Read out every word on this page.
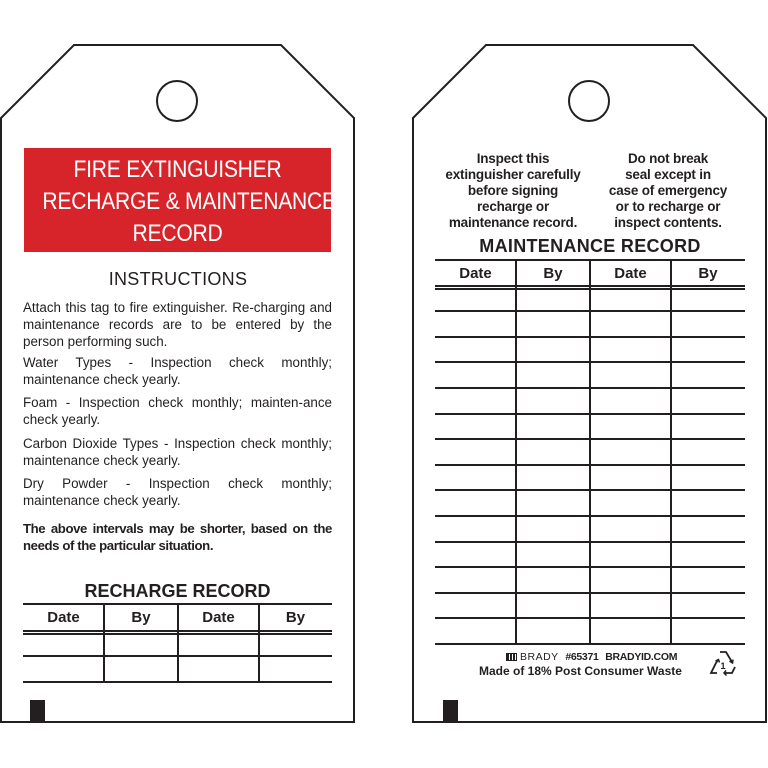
FIRE EXTINGUISHER
RECHARGE & MAINTENANCE
RECORD
INSTRUCTIONS
Attach this tag to fire extinguisher. Re-charging and maintenance records are to be entered by the person performing such.
Water Types - Inspection check monthly; maintenance check yearly.
Foam - Inspection check monthly; mainten-ance check yearly.
Carbon Dioxide Types - Inspection check monthly; maintenance check yearly.
Dry Powder - Inspection check monthly; maintenance check yearly.
The above intervals may be shorter, based on the needs of the particular situation.
RECHARGE RECORD
Date	By	Date	By
Inspect this
extinguisher carefully
before signing
recharge or
maintenance record.
Do not break
seal except in
case of emergency
or to recharge or
inspect contents.
MAINTENANCE RECORD
Date	By	Date	By
BRADY #65371 BRADYID.COM
Made of 18% Post Consumer Waste	1
